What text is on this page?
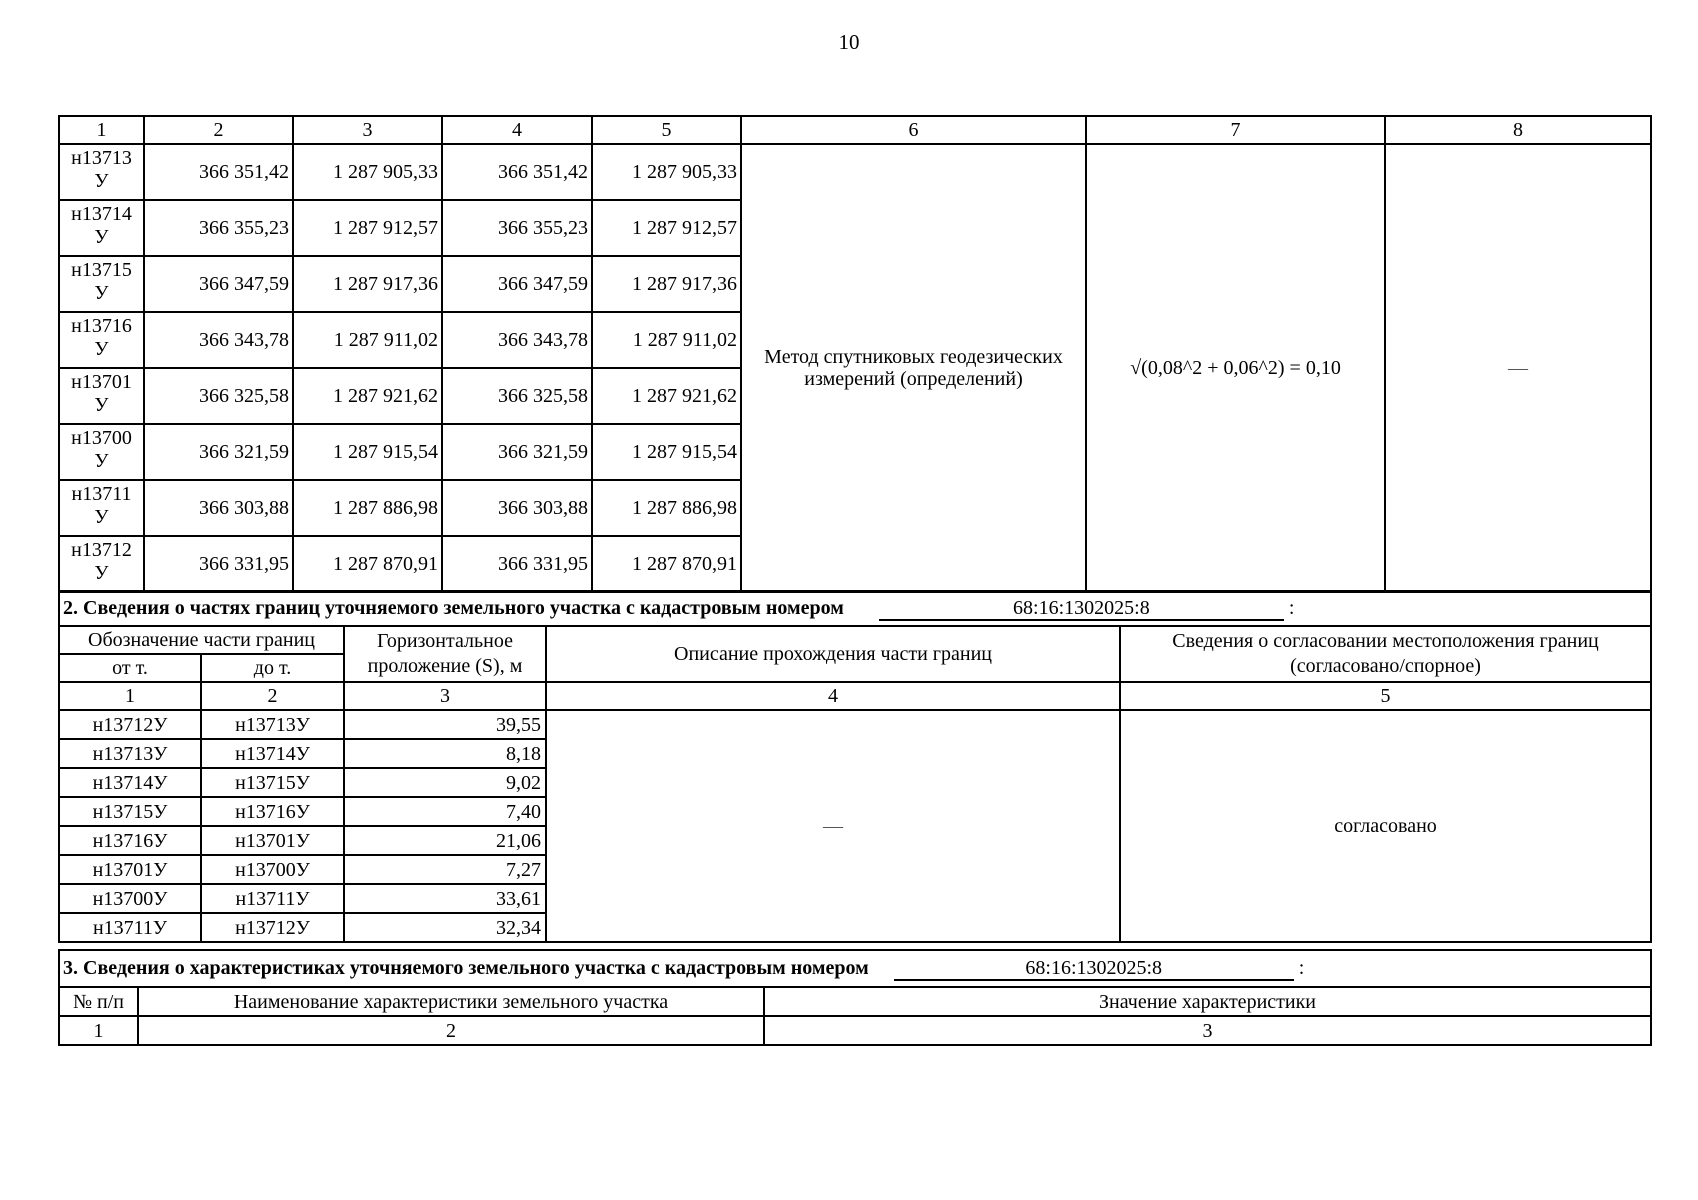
10
1	2	3	4	5	6	7	8
н13713 У	366 351,42	1 287 905,33	366 351,42	1 287 905,33	Метод спутниковых геодезических измерений (определений)	√(0,08^2 + 0,06^2) = 0,10	—
н13714 У	366 355,23	1 287 912,57	366 355,23	1 287 912,57			
н13715 У	366 347,59	1 287 917,36	366 347,59	1 287 917,36			
н13716 У	366 343,78	1 287 911,02	366 343,78	1 287 911,02			
н13701 У	366 325,58	1 287 921,62	366 325,58	1 287 921,62			
н13700 У	366 321,59	1 287 915,54	366 321,59	1 287 915,54			
н13711 У	366 303,88	1 287 886,98	366 303,88	1 287 886,98			
н13712 У	366 331,95	1 287 870,91	366 331,95	1 287 870,91			
2. Сведения о частях границ уточняемого земельного участка с кадастровым номером 68:16:1302025:8 :				
Обозначение части границ		Горизонтальное проложение (S), м	Описание прохождения части границ	Сведения о согласовании местоположения границ (согласовано/спорное)
от т.	до т.			
1	2	3	4	5
н13712У	н13713У	39,55	—	согласовано
н13713У	н13714У	8,18		
н13714У	н13715У	9,02		
н13715У	н13716У	7,40		
н13716У	н13701У	21,06		
н13701У	н13700У	7,27		
н13700У	н13711У	33,61		
н13711У	н13712У	32,34		
3. Сведения о характеристиках уточняемого земельного участка с кадастровым номером 68:16:1302025:8 :		
№ п/п	Наименование характеристики земельного участка	Значение характеристики
1	2	3
